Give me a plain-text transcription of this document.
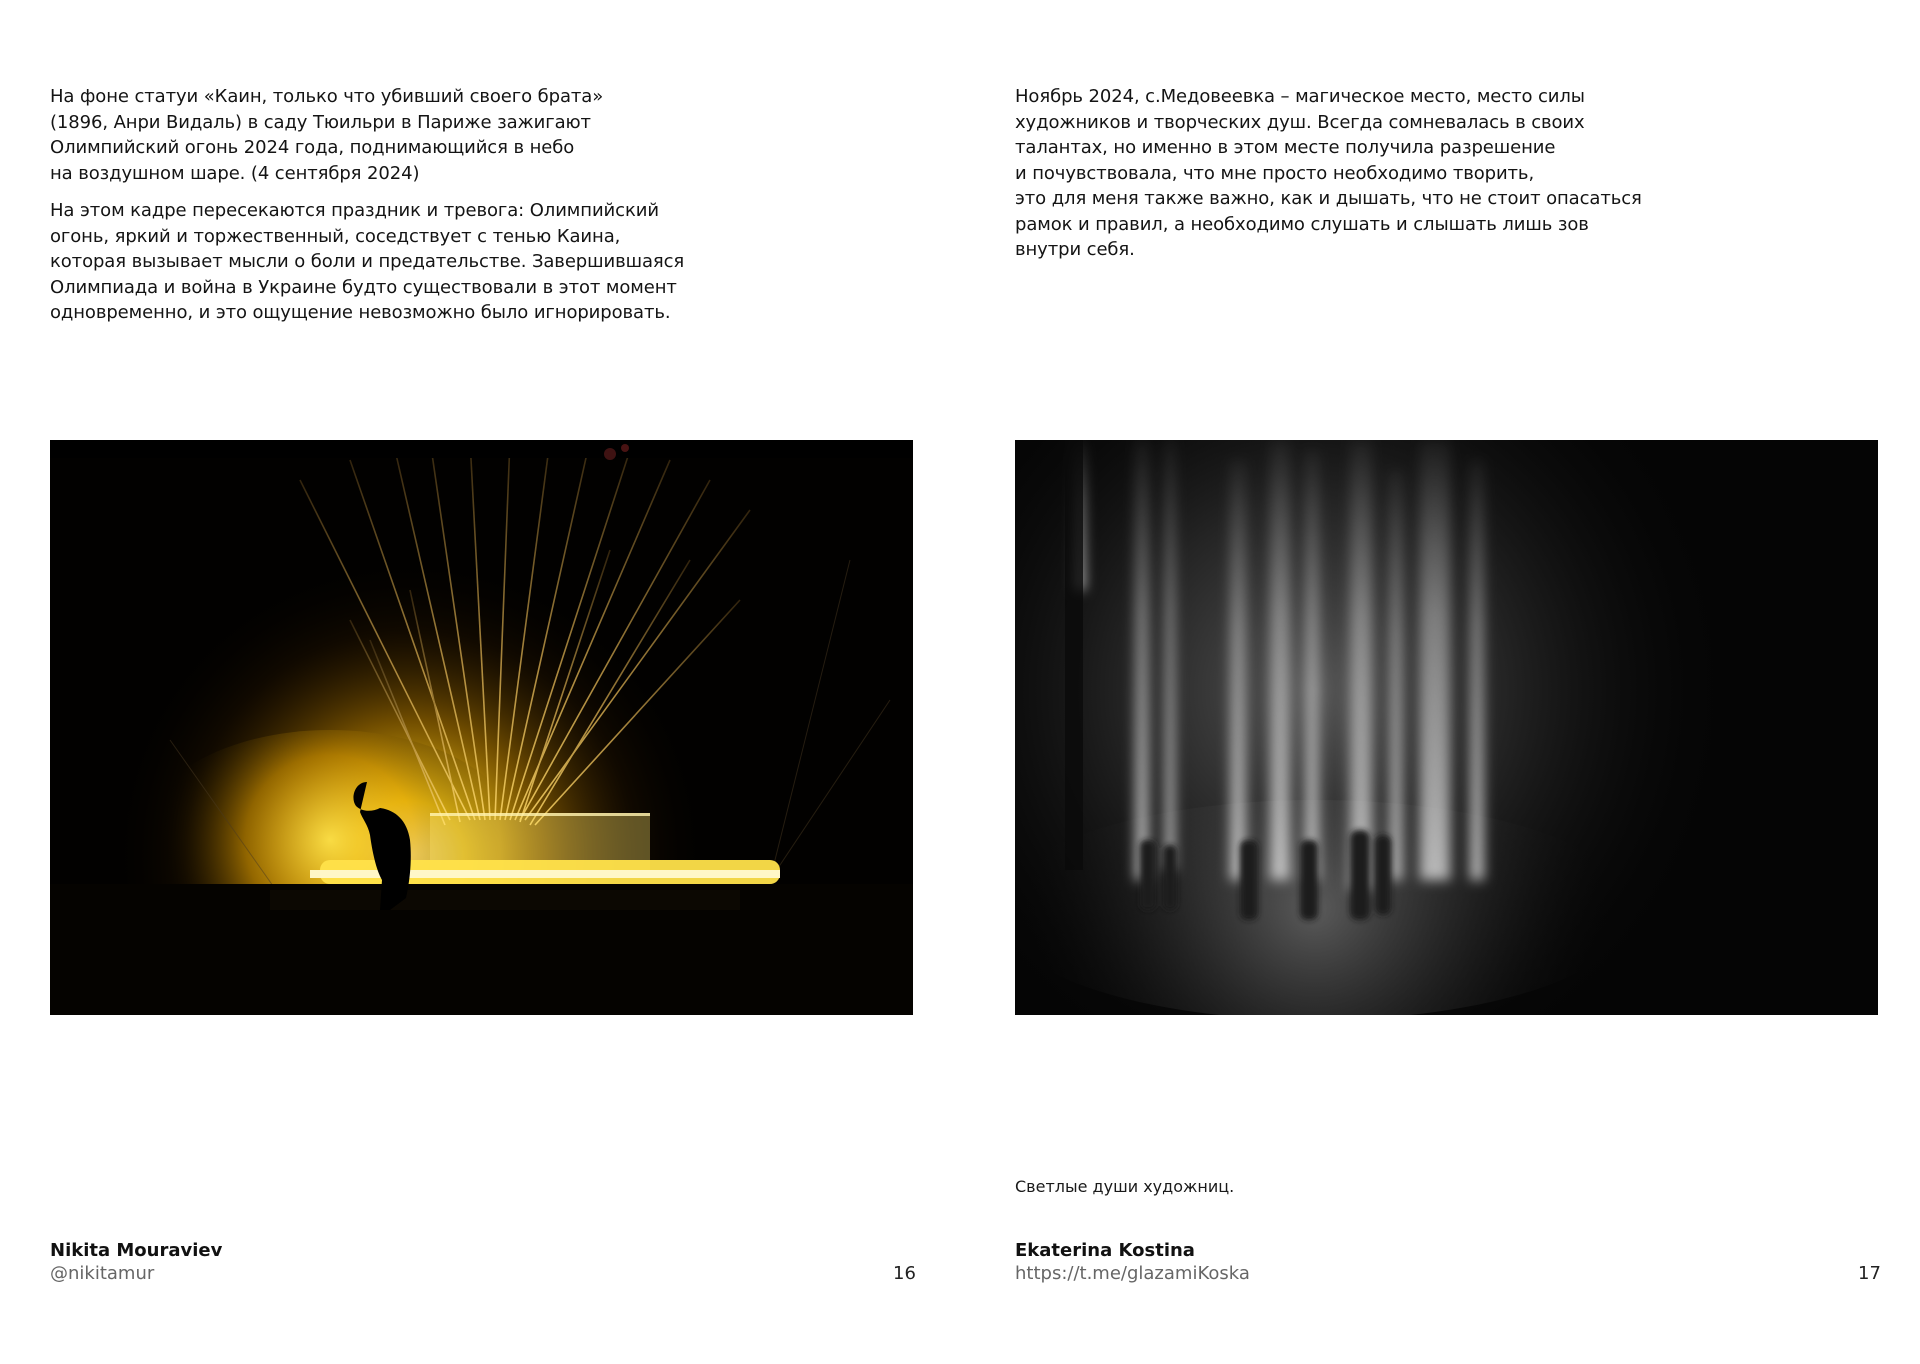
На фоне статуи «Каин, только что убивший своего брата»
(1896, Анри Видаль) в саду Тюильри в Париже зажигают
Олимпийский огонь 2024 года, поднимающийся в небо
на воздушном шаре. (4 сентября 2024)

На этом кадре пересекаются праздник и тревога: Олимпийский
огонь, яркий и торжественный, соседствует с тенью Каина,
которая вызывает мысли о боли и предательстве. Завершившаяся
Олимпиада и война в Украине будто существовали в этот момент
одновременно, и это ощущение невозможно было игнорировать.

Nikita Mouraviev
@nikitamur	16

Ноябрь 2024, с.Медовеевка – магическое место, место силы
художников и творческих душ. Всегда сомневалась в своих
талантах, но именно в этом месте получила разрешение
и почувствовала, что мне просто необходимо творить,
это для меня также важно, как и дышать, что не стоит опасаться
рамок и правил, а необходимо слушать и слышать лишь зов
внутри себя.

Светлые души художниц.
Ekaterina Kostina
https://t.me/glazamiKoska	17
